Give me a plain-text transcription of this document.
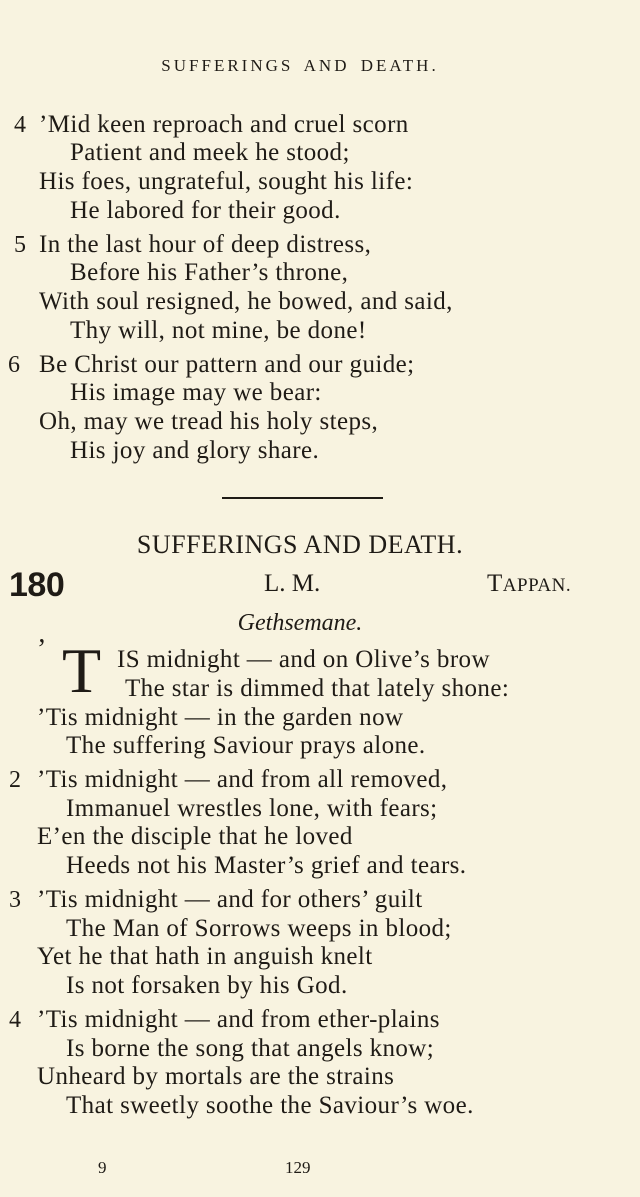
SUFFERINGS AND DEATH.
4 ’Mid keen reproach and cruel scorn
Patient and meek he stood;
His foes, ungrateful, sought his life:
He labored for their good.
5 In the last hour of deep distress,
Before his Father’s throne,
With soul resigned, he bowed, and said,
Thy will, not mine, be done!
6 Be Christ our pattern and our guide;
His image may we bear:
Oh, may we tread his holy steps,
His joy and glory share.
SUFFERINGS AND DEATH.
180	L. M.	TAPPAN.
Gethsemane.
’ T IS midnight — and on Olive’s brow
The star is dimmed that lately shone:
’Tis midnight — in the garden now
The suffering Saviour prays alone.
2 ’Tis midnight — and from all removed,
Immanuel wrestles lone, with fears;
E’en the disciple that he loved
Heeds not his Master’s grief and tears.
3 ’Tis midnight — and for others’ guilt
The Man of Sorrows weeps in blood;
Yet he that hath in anguish knelt
Is not forsaken by his God.
4 ’Tis midnight — and from ether-plains
Is borne the song that angels know;
Unheard by mortals are the strains
That sweetly soothe the Saviour’s woe.
9	129
